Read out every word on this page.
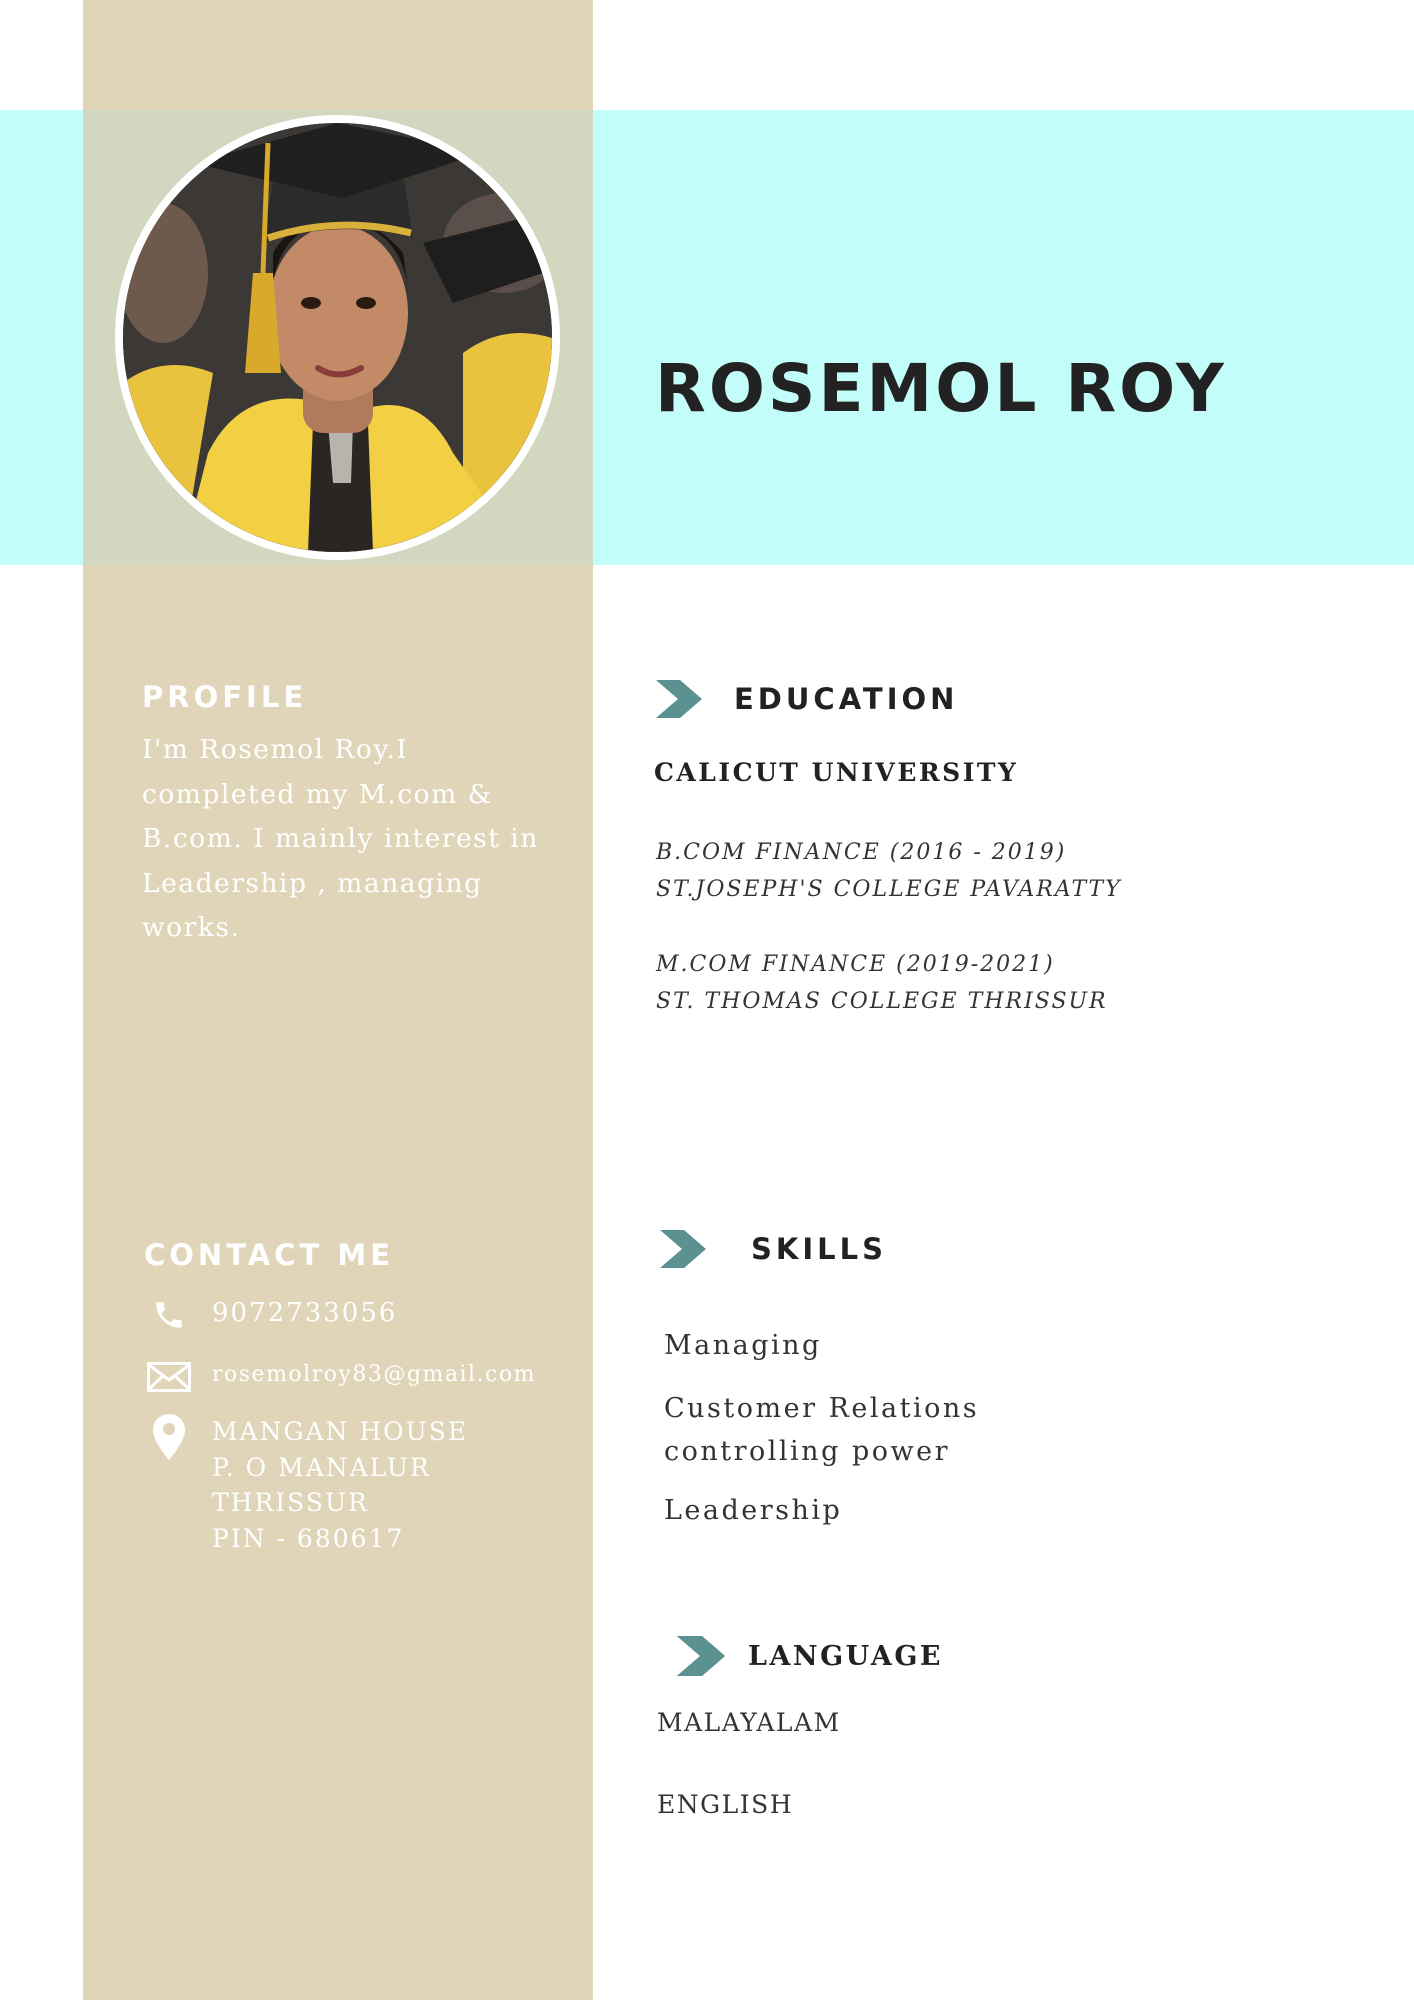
ROSEMOL ROY
PROFILE

I'm Rosemol Roy.I completed my M.com & B.com. I mainly interest in Leadership , managing works.

CONTACT ME
9072733056
rosemolroy83@gmail.com
MANGAN HOUSE
P. O MANALUR
THRISSUR
PIN - 680617
EDUCATION

CALICUT UNIVERSITY

B.COM FINANCE (2016 - 2019)
ST.JOSEPH'S COLLEGE PAVARATTY

M.COM FINANCE (2019-2021)
ST. THOMAS COLLEGE THRISSUR

SKILLS

Managing

Customer Relations

controlling power

Leadership

LANGUAGE

MALAYALAM

ENGLISH
